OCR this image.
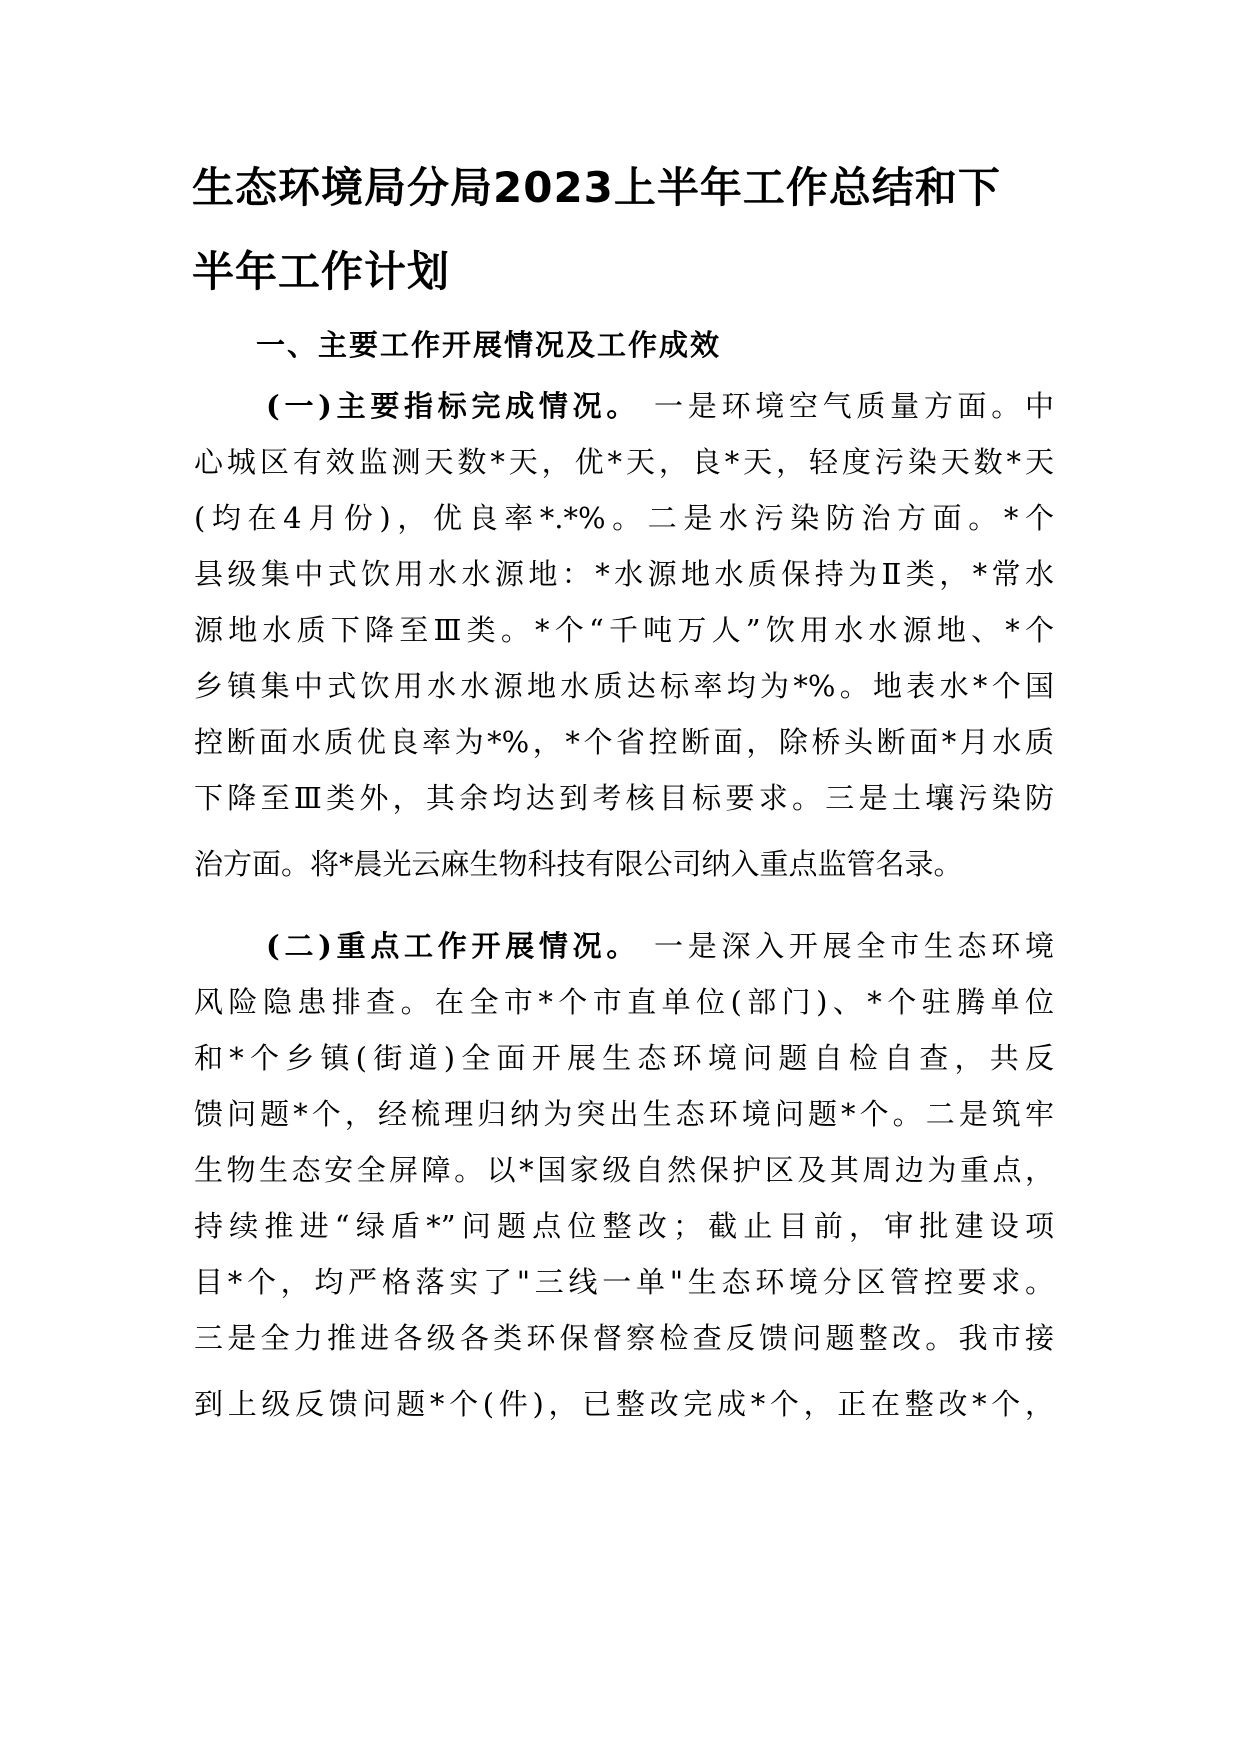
生态环境局分局2023上半年工作总结和下
半年工作计划
一、主要工作开展情况及工作成效
(一)主要指标完成情况。 一是环境空气质量方面。中
心城区有效监测天数*天，优*天，良*天，轻度污染天数*天
(均在4月份)，优良率*.*%。二是水污染防治方面。*个
县级集中式饮用水水源地：*水源地水质保持为Ⅱ类，*常水
源地水质下降至Ⅲ类。*个“千吨万人”饮用水水源地、*个
乡镇集中式饮用水水源地水质达标率均为*%。地表水*个国
控断面水质优良率为*%，*个省控断面，除桥头断面*月水质
下降至Ⅲ类外，其余均达到考核目标要求。三是土壤污染防
治方面。将*晨光云麻生物科技有限公司纳入重点监管名录。
(二)重点工作开展情况。 一是深入开展全市生态环境
风险隐患排查。在全市*个市直单位(部门)、*个驻腾单位
和*个乡镇(街道)全面开展生态环境问题自检自查，共反
馈问题*个，经梳理归纳为突出生态环境问题*个。二是筑牢
生物生态安全屏障。以*国家级自然保护区及其周边为重点，
持续推进“绿盾*”问题点位整改；截止目前，审批建设项
目*个，均严格落实了"三线一单"生态环境分区管控要求。
三是全力推进各级各类环保督察检查反馈问题整改。我市接
到上级反馈问题*个(件)，已整改完成*个，正在整改*个，
